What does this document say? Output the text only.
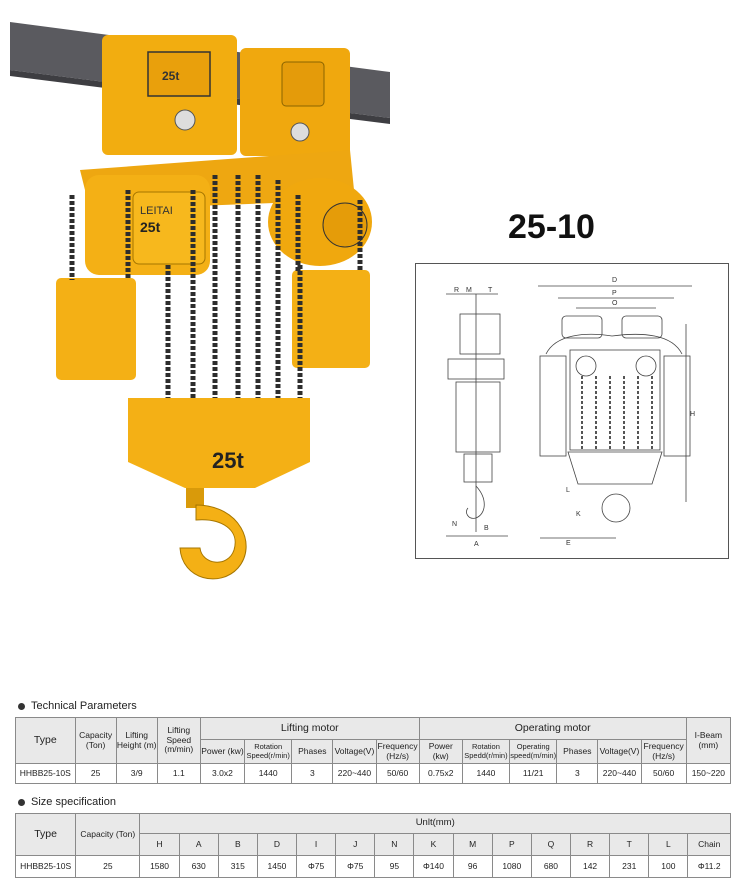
25t
LEITAI
25t
25t
25-10
R M T
N
B
A
D
P
O
H
L
K
E
Technical Parameters
Type	Capacity (Ton)	Lifting Height (m)	Lifting Speed (m/min)	Lifting motor					Operating motor						I-Beam (mm)
				Power (kw)	Rotation Speed(r/min)	Phases	Voltage(V)	Frequency (Hz/s)	Power (kw)	Rotation Spedd(r/min)	Operating speed(m/min)	Phases	Voltage(V)	Frequency (Hz/s)	
HHBB25-10S	25	3/9	1.1	3.0x2	1440	3	220~440	50/60	0.75x2	1440	11/21	3	220~440	50/60	150~220
Size specification
Type	Capacity (Ton)	Unlt(mm)														
		H	A	B	D	I	J	N	K	M	P	Q	R	T	L	Chain
HHBB25-10S	25	1580	630	315	1450	Φ75	Φ75	95	Φ140	96	1080	680	142	231	100	Φ11.2
